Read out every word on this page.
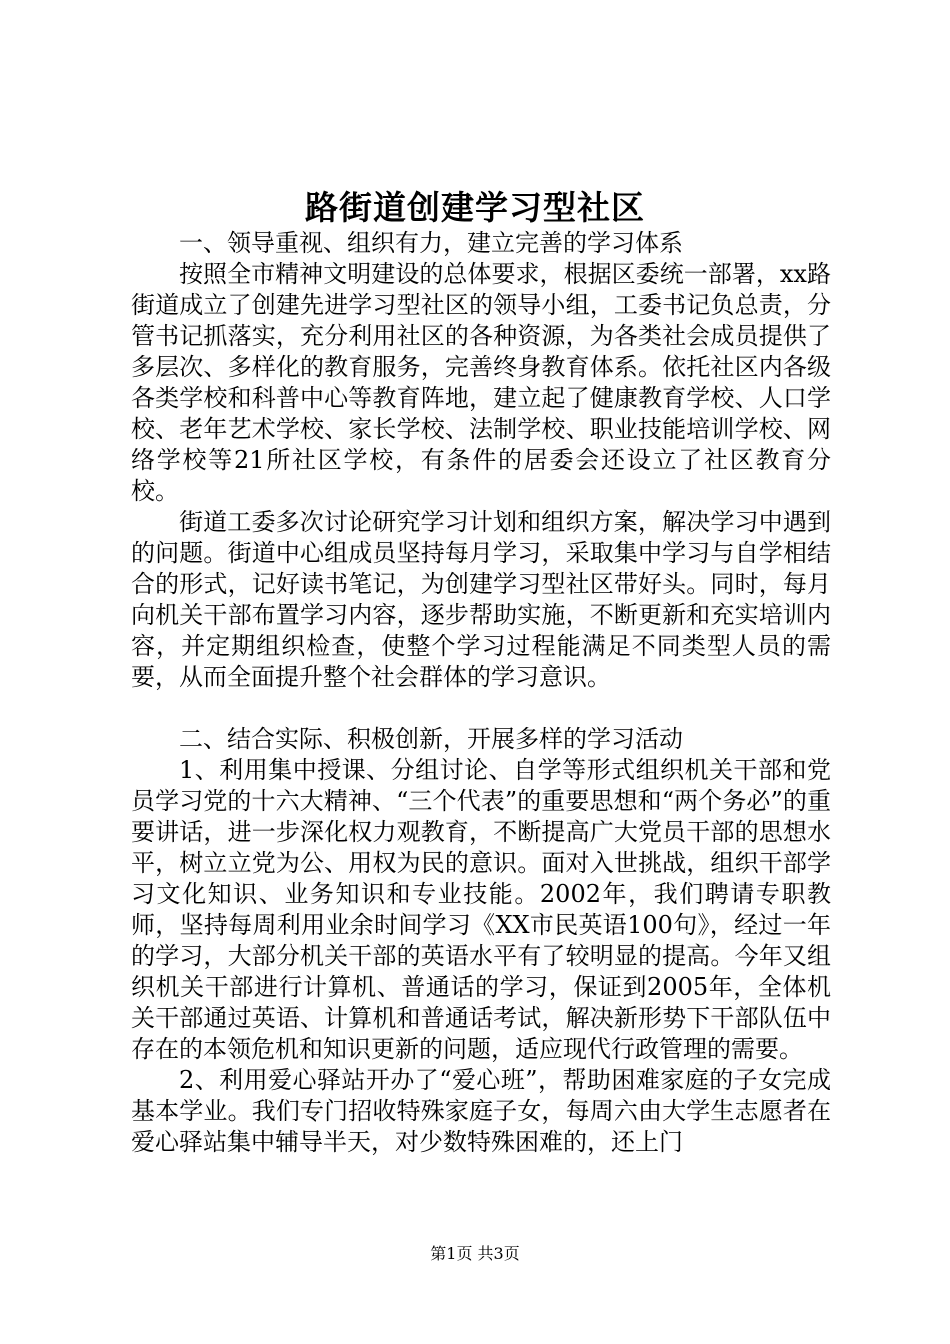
路街道创建学习型社区

一、领导重视、组织有力，建立完善的学习体系

按照全市精神文明建设的总体要求，根据区委统一部署，xx路街道成立了创建先进学习型社区的领导小组，工委书记负总责，分管书记抓落实，充分利用社区的各种资源，为各类社会成员提供了多层次、多样化的教育服务，完善终身教育体系。依托社区内各级各类学校和科普中心等教育阵地，建立起了健康教育学校、人口学校、老年艺术学校、家长学校、法制学校、职业技能培训学校、网络学校等21所社区学校，有条件的居委会还设立了社区教育分校。

街道工委多次讨论研究学习计划和组织方案，解决学习中遇到的问题。街道中心组成员坚持每月学习，采取集中学习与自学相结合的形式，记好读书笔记，为创建学习型社区带好头。同时，每月向机关干部布置学习内容，逐步帮助实施，不断更新和充实培训内容，并定期组织检查，使整个学习过程能满足不同类型人员的需要，从而全面提升整个社会群体的学习意识。

二、结合实际、积极创新，开展多样的学习活动

1、利用集中授课、分组讨论、自学等形式组织机关干部和党员学习党的十六大精神、“三个代表”的重要思想和“两个务必”的重要讲话，进一步深化权力观教育，不断提高广大党员干部的思想水平，树立立党为公、用权为民的意识。面对入世挑战，组织干部学习文化知识、业务知识和专业技能。2002年，我们聘请专职教师，坚持每周利用业余时间学习《XX市民英语100句》，经过一年的学习，大部分机关干部的英语水平有了较明显的提高。今年又组织机关干部进行计算机、普通话的学习，保证到2005年，全体机关干部通过英语、计算机和普通话考试，解决新形势下干部队伍中存在的本领危机和知识更新的问题，适应现代行政管理的需要。

2、利用爱心驿站开办了“爱心班”，帮助困难家庭的子女完成基本学业。我们专门招收特殊家庭子女，每周六由大学生志愿者在爱心驿站集中辅导半天，对少数特殊困难的，还上门

第1页 共3页
